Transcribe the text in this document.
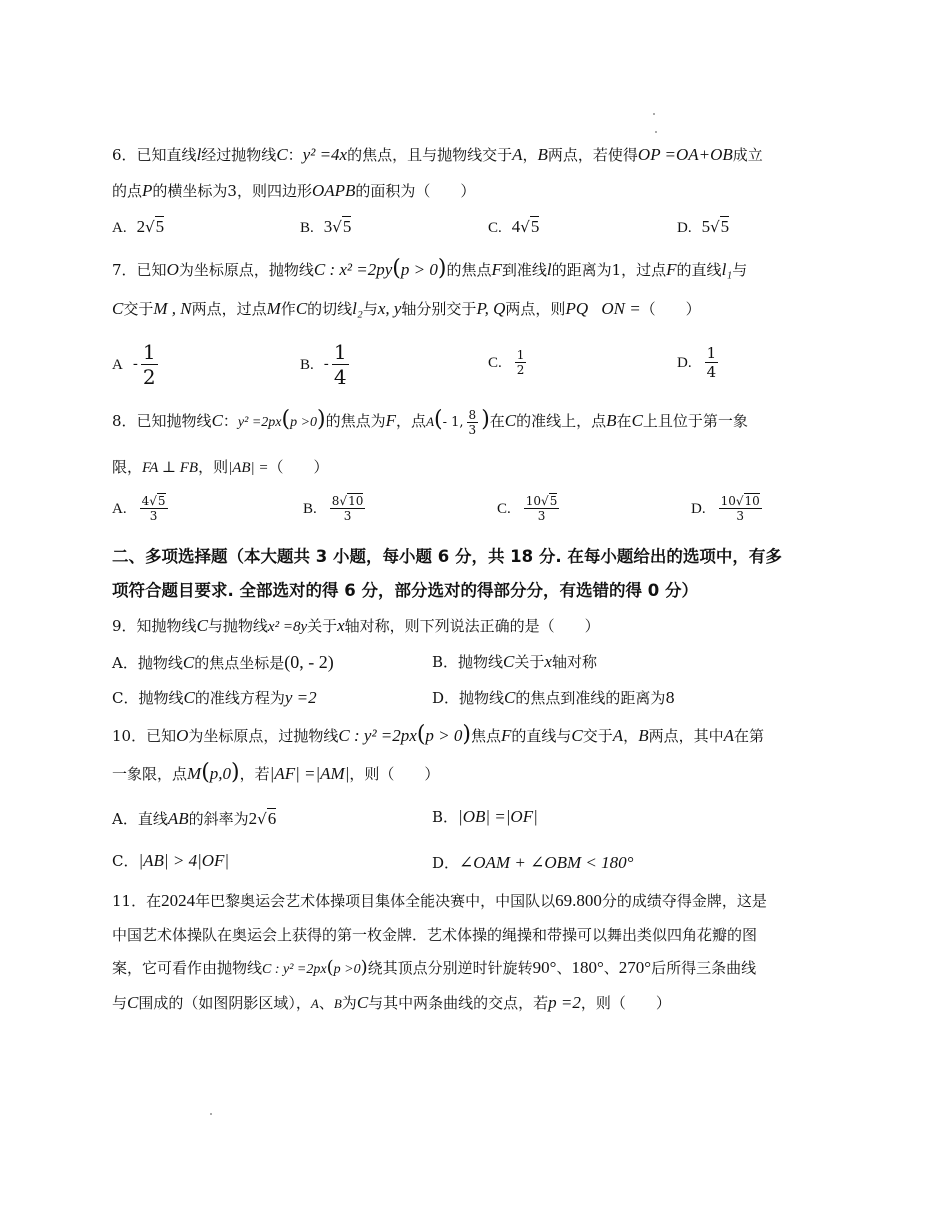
6．已知直线l经过抛物线C：y² =4x的焦点，且与抛物线交于A，B两点，若使得OP =OA+OB成立
的点P的横坐标为3，则四边形OAPB的面积为（　　）
A. 2√5	B. 3√5	C. 4√5	D. 5√5
7．已知O为坐标原点，抛物线C : x² =2py(p > 0)的焦点F到准线l的距离为1，过点F的直线l₁与
C交于M , N两点，过点M作C的切线l₂与x, y轴分别交于P, Q两点，则PQ⃗ON =（　　）
A - $\frac{1}{2}$	B. - $\frac{1}{4}$	C. $\frac{1}{2}$	D. $\frac{1}{4}$
8．已知抛物线C：y² =2px(p >0)的焦点为F，点A(- 1, $\frac{8}{3}$ )在C的准线上，点B在C上且位于第一象
限，FA ⊥ FB，则|AB| =（　　）
A. $\frac{4√5}{3}$	B. $\frac{8√10}{3}$	C. $\frac{10√5}{3}$	D. $\frac{10√10}{3}$
二、多项选择题（本大题共 3 小题，每小题 6 分，共 18 分. 在每小题给出的选项中，有多
项符合题目要求. 全部选对的得 6 分，部分选对的得部分分，有选错的得 0 分）
9．知抛物线C与抛物线x² =8y关于x轴对称，则下列说法正确的是（　　）
A．抛物线C的焦点坐标是(0, - 2)	B．抛物线C关于x轴对称
C．抛物线C的准线方程为y =2	D．抛物线C的焦点到准线的距离为8
10．已知O为坐标原点，过抛物线C : y² =2px(p > 0)焦点F的直线与C交于A，B两点，其中A在第
一象限，点M(p,0)，若|AF| =|AM|，则（　　）
A．直线AB的斜率为2√6	B．|OB| =|OF|
C．|AB| > 4|OF|	D．∠OAM + ∠OBM < 180°
11．在2024年巴黎奥运会艺术体操项目集体全能决赛中，中国队以69.800分的成绩夺得金牌，这是
中国艺术体操队在奥运会上获得的第一枚金牌．艺术体操的绳操和带操可以舞出类似四角花瓣的图
案，它可看作由抛物线C : y² =2px(p >0)绕其顶点分别逆时针旋转90°、180°、270°后所得三条曲线
与C围成的（如图阴影区域），A、B为C与其中两条曲线的交点，若p =2，则（　　）
